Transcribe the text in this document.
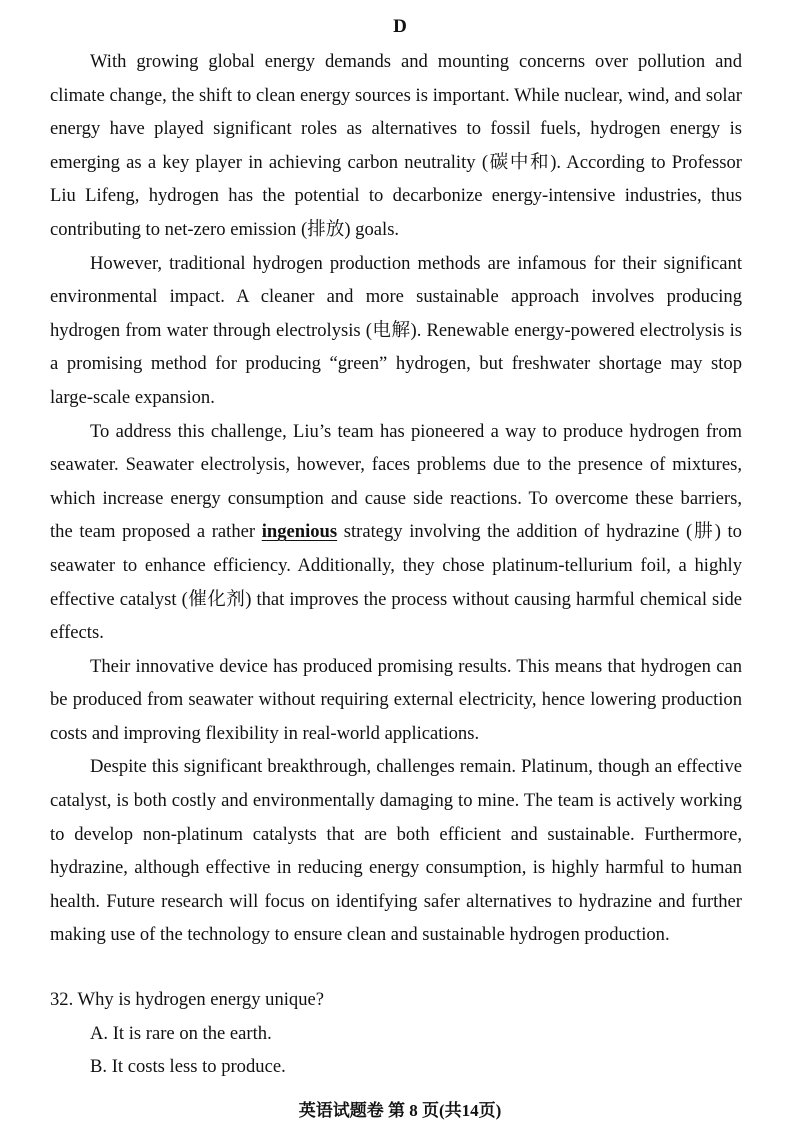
D

With growing global energy demands and mounting concerns over pollution and climate change, the shift to clean energy sources is important. While nuclear, wind, and solar energy have played significant roles as alternatives to fossil fuels, hydrogen energy is emerging as a key player in achieving carbon neutrality (碳中和). According to Professor Liu Lifeng, hydrogen has the potential to decarbonize energy-intensive industries, thus contributing to net-zero emission (排放) goals.

However, traditional hydrogen production methods are infamous for their significant environmental impact. A cleaner and more sustainable approach involves producing hydrogen from water through electrolysis (电解). Renewable energy-powered electrolysis is a promising method for producing “green” hydrogen, but freshwater shortage may stop large-scale expansion.

To address this challenge, Liu’s team has pioneered a way to produce hydrogen from seawater. Seawater electrolysis, however, faces problems due to the presence of mixtures, which increase energy consumption and cause side reactions. To overcome these barriers, the team proposed a rather ingenious strategy involving the addition of hydrazine (肼) to seawater to enhance efficiency. Additionally, they chose platinum-tellurium foil, a highly effective catalyst (催化剂) that improves the process without causing harmful chemical side effects.

Their innovative device has produced promising results. This means that hydrogen can be produced from seawater without requiring external electricity, hence lowering production costs and improving flexibility in real-world applications.

Despite this significant breakthrough, challenges remain. Platinum, though an effective catalyst, is both costly and environmentally damaging to mine. The team is actively working to develop non-platinum catalysts that are both efficient and sustainable. Furthermore, hydrazine, although effective in reducing energy consumption, is highly harmful to human health. Future research will focus on identifying safer alternatives to hydrazine and further making use of the technology to ensure clean and sustainable hydrogen production.

32. Why is hydrogen energy unique?

A. It is rare on the earth.

B. It costs less to produce.

英语试题卷 第 8 页(共14页)
